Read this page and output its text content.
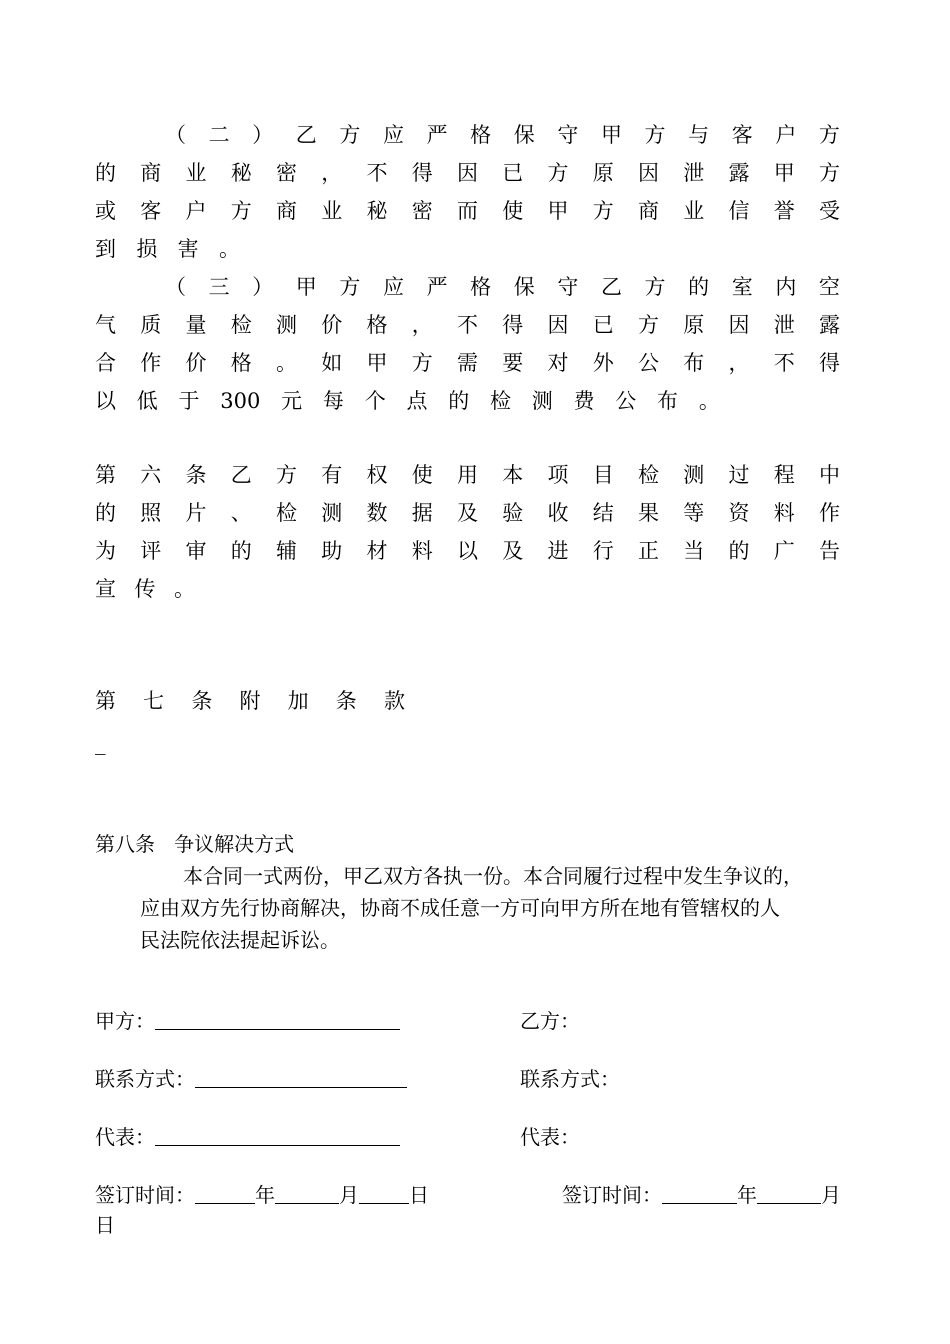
（ 二 ） 乙 方 应 严 格 保 守 甲 方 与 客 户 方
的 商 业 秘 密 ， 不 得 因 已 方 原 因 泄 露 甲 方
或 客 户 方 商 业 秘 密 而 使 甲 方 商 业 信 誉 受
到 损 害 。
（ 三 ） 甲 方 应 严 格 保 守 乙 方 的 室 内 空
气 质 量 检 测 价 格 ， 不 得 因 已 方 原 因 泄 露
合 作 价 格 。 如 甲 方 需 要 对 外 公 布 ， 不 得
以 低 于 300 元 每 个 点 的 检 测 费 公 布 。
第 六 条 乙 方 有 权 使 用 本 项 目 检 测 过 程 中
的 照 片 、 检 测 数 据 及 验 收 结 果 等 资 料 作
为 评 审 的 辅 助 材 料 以 及 进 行 正 当 的 广 告
宣 传 。
第 七 条 附 加 条 款
_
第八条   争议解决方式
本合同一式两份，甲乙双方各执一份。本合同履行过程中发生争议的，
应由双方先行协商解决，协商不成任意一方可向甲方所在地有管辖权的人
民法院依法提起诉讼。
甲方：	乙方：
联系方式：	联系方式：
代表：	代表：
签订时间：	年	月	日	签订时间：	年	月
日
